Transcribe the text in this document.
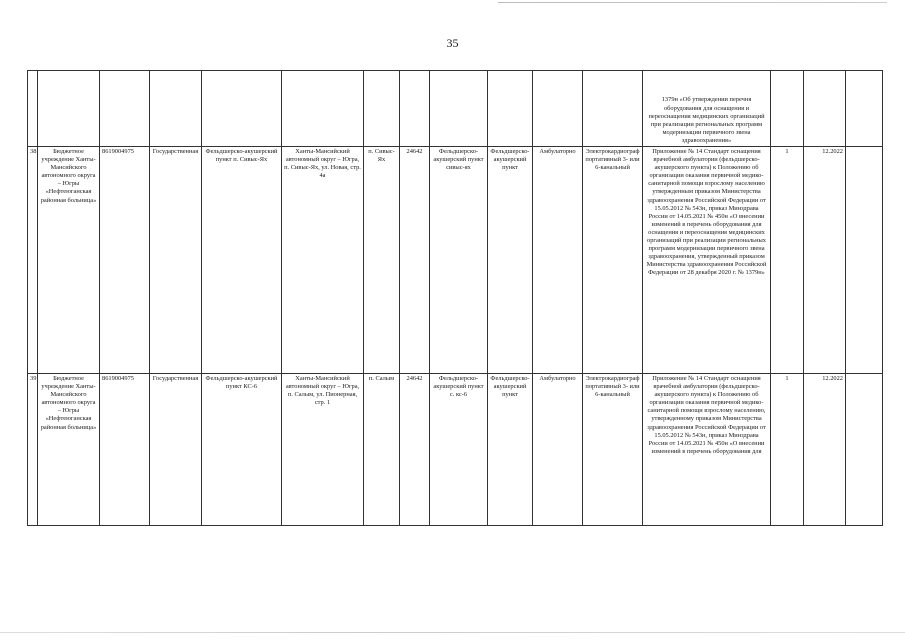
35
												1379н «Об утверждении перечня оборудования для оснащения и переоснащения медицинских организаций при реализации региональных программ модернизации первичного звена здравоохранения»			
38	Бюджетное учреждение Ханты-Мансийского автономного округа – Югры «Нефтеюганская районная больница»	8619004975	Государственная	Фельдшерско-акушерский пункт п. Сивыс-Ях	Ханты-Мансийский автономный округ – Югра, п. Сивыс-Ях, ул. Новая, стр. 4а	п. Сивыс-Ях	24642	Фельдшерско-акушерский пункт сивыс-ях	Фельдшерско-акушерский пункт	Амбулаторно	Электрокардиограф портативный 3- или 6-канальный	Приложение № 14 Стандарт оснащения врачебной амбулатории (фельдшерско-акушерского пункта) к Положению об организации оказания первичной медико-санитарной помощи взрослому населению утвержденным приказом Министерства здравоохранения Российской Федерации от 15.05.2012 № 543н, приказ Минздрава России от 14.05.2021 № 450н «О внесении изменений в перечень оборудования для оснащения и переоснащения медицинских организаций при реализации региональных программ модернизации первичного звена здравоохранения, утвержденный приказом Министерства здравоохранения Российской Федерации от 28 декабря 2020 г. № 1379н»	1	12.2022	
39	Бюджетное учреждение Ханты-Мансийского автономного округа – Югры «Нефтеюганская районная больница»	8619004975	Государственная	Фельдшерско-акушерский пункт КС-6	Ханты-Мансийский автономный округ – Югра, п. Салым, ул. Пионерная, стр. 1	п. Салым	24642	Фельдшерско-акушерский пункт с. кс-6	Фельдшерско-акушерский пункт	Амбулаторно	Электрокардиограф портативный 3- или 6-канальный	Приложение № 14 Стандарт оснащения врачебной амбулатории (фельдшерско-акушерского пункта) к Положению об организации оказания первичной медико-санитарной помощи взрослому населению, утвержденному приказом Министерства здравоохранения Российской Федерации от 15.05.2012 № 543н, приказ Минздрава России от 14.05.2021 № 450н «О внесении изменений в перечень оборудования для	1	12.2022	
